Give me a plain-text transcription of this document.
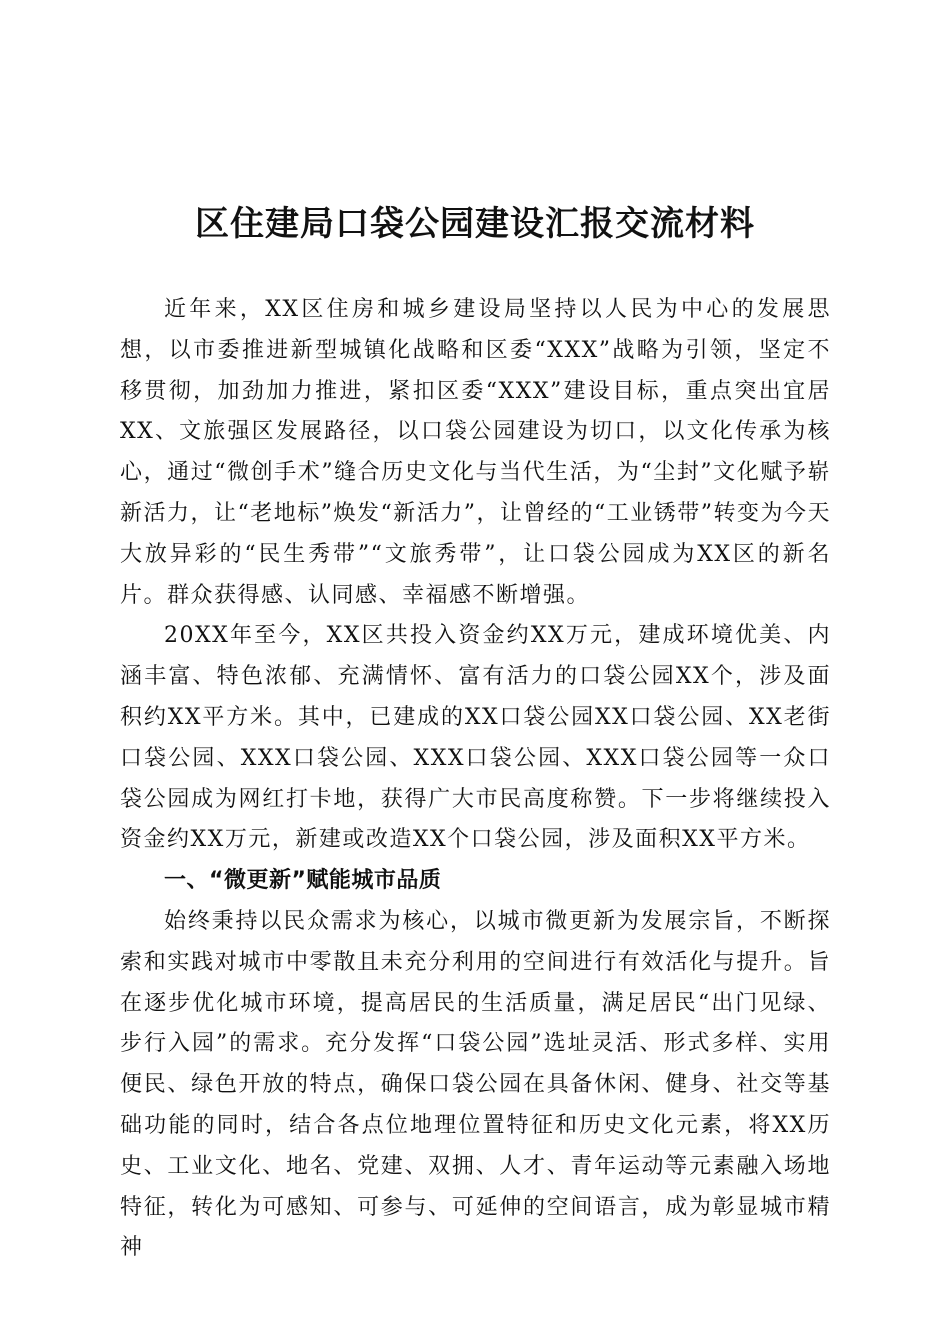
区住建局口袋公园建设汇报交流材料

近年来，XX区住房和城乡建设局坚持以人民为中心的发展思想，以市委推进新型城镇化战略和区委“XXX”战略为引领，坚定不移贯彻，加劲加力推进，紧扣区委“XXX”建设目标，重点突出宜居XX、文旅强区发展路径，以口袋公园建设为切口，以文化传承为核心，通过“微创手术”缝合历史文化与当代生活，为“尘封”文化赋予崭新活力，让“老地标”焕发“新活力”，让曾经的“工业锈带”转变为今天大放异彩的“民生秀带”“文旅秀带”，让口袋公园成为XX区的新名片。群众获得感、认同感、幸福感不断增强。

20XX年至今，XX区共投入资金约XX万元，建成环境优美、内涵丰富、特色浓郁、充满情怀、富有活力的口袋公园XX个，涉及面积约XX平方米。其中，已建成的XX口袋公园XX口袋公园、XX老街口袋公园、XXX口袋公园、XXX口袋公园、XXX口袋公园等一众口袋公园成为网红打卡地，获得广大市民高度称赞。下一步将继续投入资金约XX万元，新建或改造XX个口袋公园，涉及面积XX平方米。

一、“微更新”赋能城市品质

始终秉持以民众需求为核心，以城市微更新为发展宗旨，不断探索和实践对城市中零散且未充分利用的空间进行有效活化与提升。旨在逐步优化城市环境，提高居民的生活质量，满足居民“出门见绿、步行入园”的需求。充分发挥“口袋公园”选址灵活、形式多样、实用便民、绿色开放的特点，确保口袋公园在具备休闲、健身、社交等基础功能的同时，结合各点位地理位置特征和历史文化元素，将XX历史、工业文化、地名、党建、双拥、人才、青年运动等元素融入场地特征，转化为可感知、可参与、可延伸的空间语言，成为彰显城市精神
